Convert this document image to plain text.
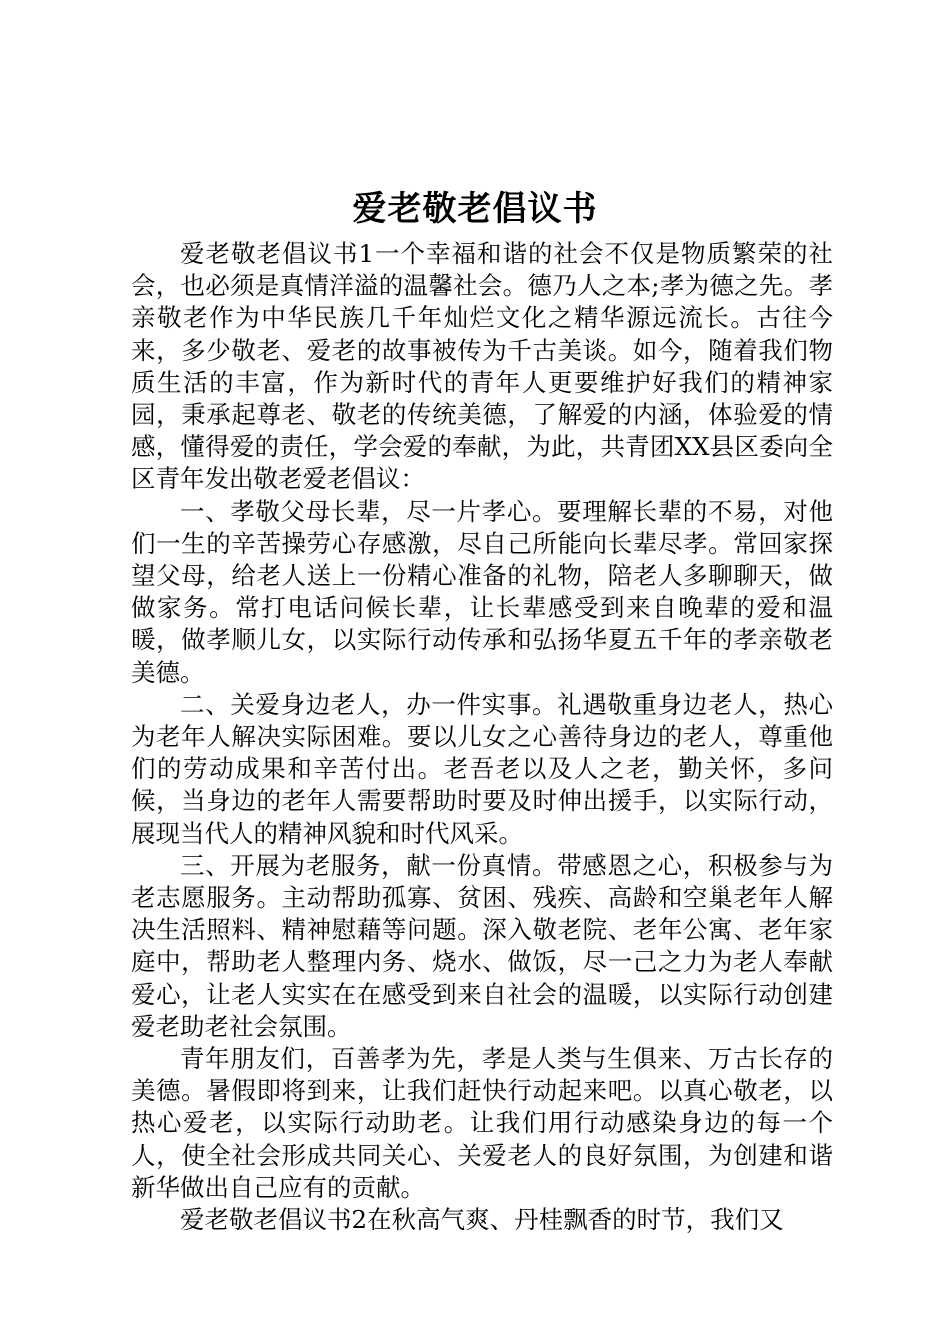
爱老敬老倡议书

爱老敬老倡议书1一个幸福和谐的社会不仅是物质繁荣的社会，也必须是真情洋溢的温馨社会。德乃人之本;孝为德之先。孝亲敬老作为中华民族几千年灿烂文化之精华源远流长。古往今来，多少敬老、爱老的故事被传为千古美谈。如今，随着我们物质生活的丰富，作为新时代的青年人更要维护好我们的精神家园，秉承起尊老、敬老的传统美德，了解爱的内涵，体验爱的情感，懂得爱的责任，学会爱的奉献，为此，共青团XX县区委向全区青年发出敬老爱老倡议：

一、孝敬父母长辈，尽一片孝心。要理解长辈的不易，对他们一生的辛苦操劳心存感激，尽自己所能向长辈尽孝。常回家探望父母，给老人送上一份精心准备的礼物，陪老人多聊聊天，做做家务。常打电话问候长辈，让长辈感受到来自晚辈的爱和温暖，做孝顺儿女，以实际行动传承和弘扬华夏五千年的孝亲敬老美德。

二、关爱身边老人，办一件实事。礼遇敬重身边老人，热心为老年人解决实际困难。要以儿女之心善待身边的老人，尊重他们的劳动成果和辛苦付出。老吾老以及人之老，勤关怀，多问候，当身边的老年人需要帮助时要及时伸出援手，以实际行动，展现当代人的精神风貌和时代风采。

三、开展为老服务，献一份真情。带感恩之心，积极参与为老志愿服务。主动帮助孤寡、贫困、残疾、高龄和空巢老年人解决生活照料、精神慰藉等问题。深入敬老院、老年公寓、老年家庭中，帮助老人整理内务、烧水、做饭，尽一己之力为老人奉献爱心，让老人实实在在感受到来自社会的温暖，以实际行动创建爱老助老社会氛围。

青年朋友们，百善孝为先，孝是人类与生俱来、万古长存的美德。暑假即将到来，让我们赶快行动起来吧。以真心敬老，以热心爱老，以实际行动助老。让我们用行动感染身边的每一个人，使全社会形成共同关心、关爱老人的良好氛围，为创建和谐新华做出自己应有的贡献。

爱老敬老倡议书2在秋高气爽、丹桂飘香的时节，我们又
